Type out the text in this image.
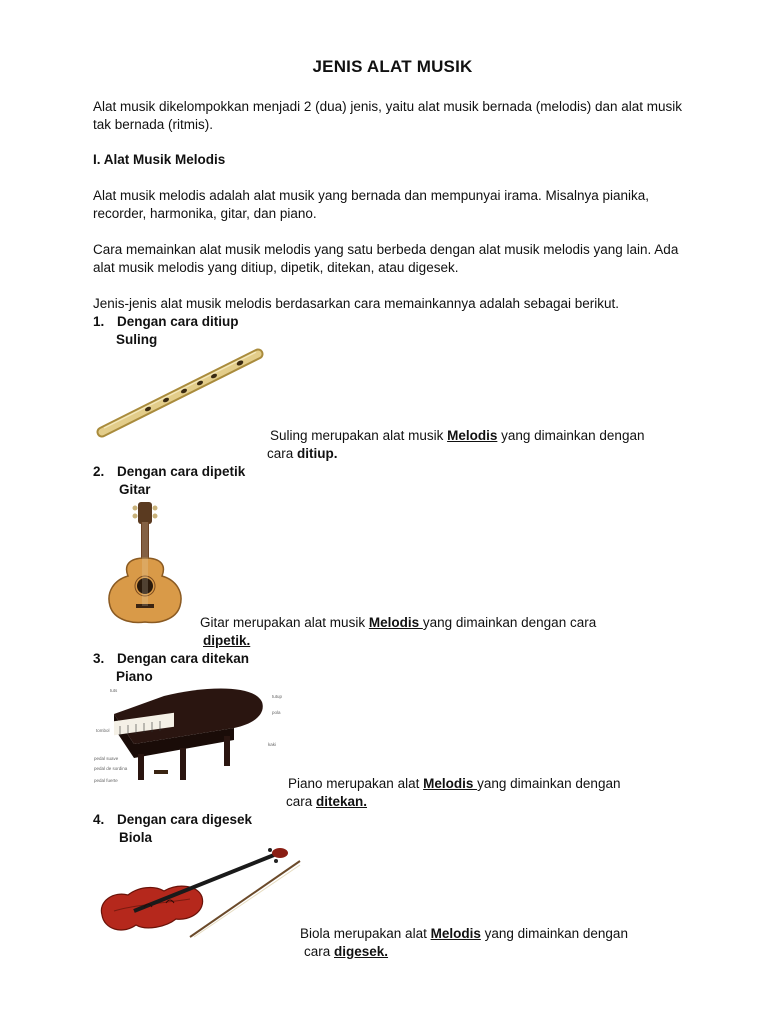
JENIS ALAT MUSIK
Alat musik dikelompokkan menjadi 2 (dua) jenis, yaitu alat musik bernada (melodis) dan alat musik tak bernada (ritmis).
I. Alat Musik Melodis
Alat musik melodis adalah alat musik yang bernada dan mempunyai irama. Misalnya pianika, recorder, harmonika, gitar, dan piano.
Cara memainkan alat musik melodis yang satu berbeda dengan alat musik melodis yang lain. Ada alat musik melodis yang ditiup, dipetik, ditekan, atau digesek.
Jenis-jenis alat musik melodis berdasarkan cara memainkannya adalah sebagai berikut.
1. Dengan cara ditiup
Suling
Suling merupakan alat musik Melodis yang dimainkan dengan
cara ditiup.
2. Dengan cara dipetik
Gitar
Gitar merupakan alat musik Melodis yang dimainkan dengan cara
dipetik.
3. Dengan cara ditekan
Piano
tuts
tutup
pola
tombol
kaki
pedal suave
pedal de sordina
pedal fuerte	Piano merupakan alat Melodis yang dimainkan dengan
cara ditekan.
4. Dengan cara digesek
Biola
Biola merupakan alat Melodis yang dimainkan dengan
cara digesek.
